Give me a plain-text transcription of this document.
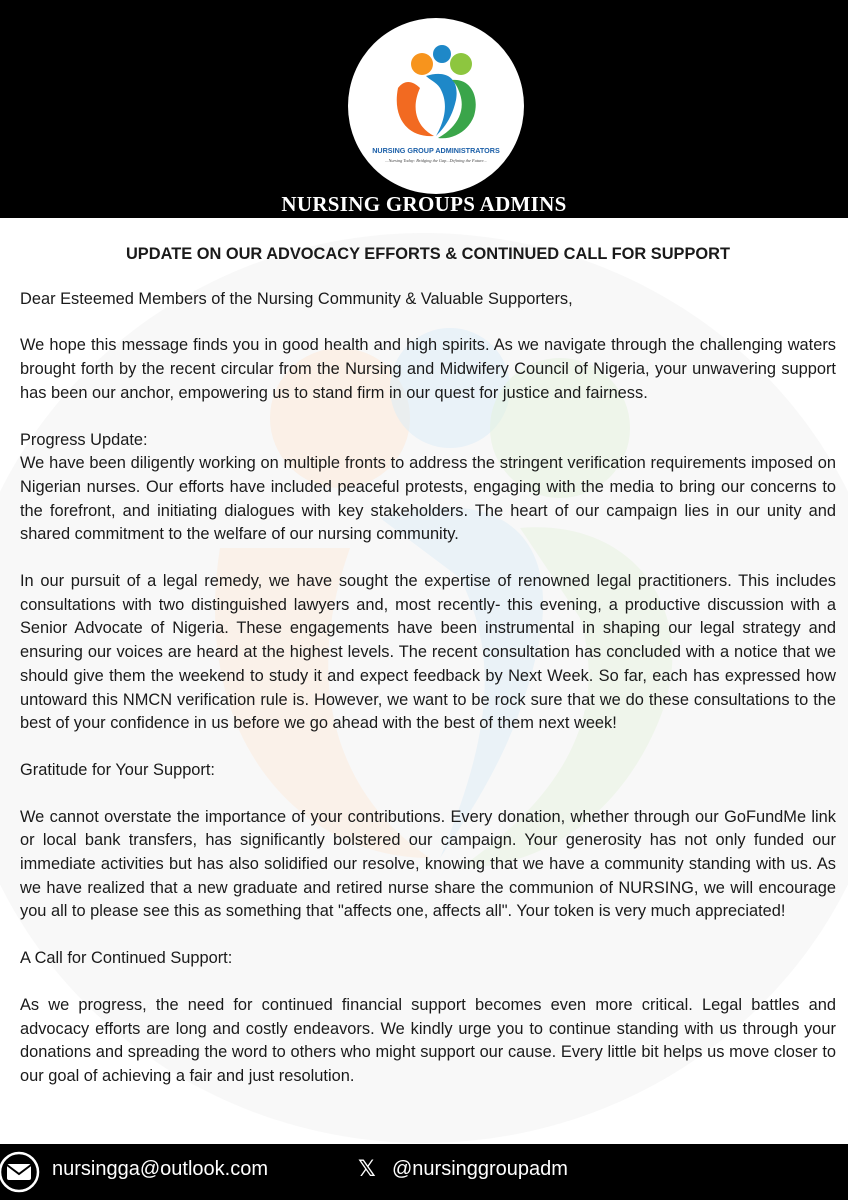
NURSING GROUP ADMINISTRATORS
...Nursing Today: Bridging the Gap...Defining the Future...
NURSING GROUPS ADMINS
UPDATE ON OUR ADVOCACY EFFORTS & CONTINUED CALL FOR SUPPORT

Dear Esteemed Members of the Nursing Community & Valuable Supporters,

We hope this message finds you in good health and high spirits. As we navigate through the challenging waters brought forth by the recent circular from the Nursing and Midwifery Council of Nigeria, your unwavering support has been our anchor, empowering us to stand firm in our quest for justice and fairness.

Progress Update:

We have been diligently working on multiple fronts to address the stringent verification requirements imposed on Nigerian nurses. Our efforts have included peaceful protests, engaging with the media to bring our concerns to the forefront, and initiating dialogues with key stakeholders. The heart of our campaign lies in our unity and shared commitment to the welfare of our nursing community.

In our pursuit of a legal remedy, we have sought the expertise of renowned legal practitioners. This includes consultations with two distinguished lawyers and, most recently- this evening, a productive discussion with a Senior Advocate of Nigeria. These engagements have been instrumental in shaping our legal strategy and ensuring our voices are heard at the highest levels. The recent consultation has concluded with a notice that we should give them the weekend to study it and expect feedback by Next Week. So far, each has expressed how untoward this NMCN verification rule is. However, we want to be rock sure that we do these consultations to the best of your confidence in us before we go ahead with the best of them next week!

Gratitude for Your Support:

We cannot overstate the importance of your contributions. Every donation, whether through our GoFundMe link or local bank transfers, has significantly bolstered our campaign. Your generosity has not only funded our immediate activities but has also solidified our resolve, knowing that we have a community standing with us. As we have realized that a new graduate and retired nurse share the communion of NURSING, we will encourage you all to please see this as something that "affects one, affects all". Your token is very much appreciated!

A Call for Continued Support:

As we progress, the need for continued financial support becomes even more critical. Legal battles and advocacy efforts are long and costly endeavors. We kindly urge you to continue standing with us through your donations and spreading the word to others who might support our cause. Every little bit helps us move closer to our goal of achieving a fair and just resolution.

nursingga@outlook.com	𝕏 @nursinggroupadm
